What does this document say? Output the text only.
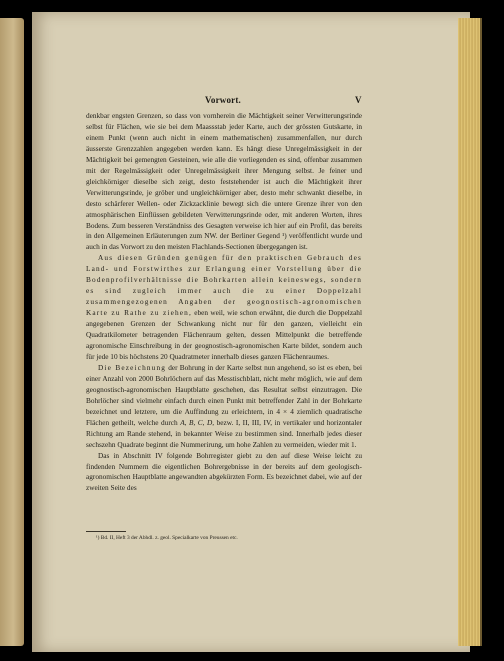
Vorwort.	V

denkbar engsten Grenzen, so dass von vornherein die Mächtigkeit seiner Verwitterungsrinde selbst für Flächen, wie sie bei dem Maassstab jeder Karte, auch der grössten Gutskarte, in einem Punkt (wenn auch nicht in einem mathematischen) zusammenfallen, nur durch äusserste Grenzzahlen angegeben werden kann. Es hängt diese Unregelmässigkeit in der Mächtigkeit bei gemengten Gesteinen, wie alle die vorliegenden es sind, offenbar zusammen mit der Regelmässigkeit oder Unregelmässigkeit ihrer Mengung selbst. Je feiner und gleichkörniger dieselbe sich zeigt, desto feststehender ist auch die Mächtigkeit ihrer Verwitterungsrinde, je gröber und ungleichkörniger aber, desto mehr schwankt dieselbe, in desto schärferer Wellen- oder Zickzacklinie bewegt sich die untere Grenze ihrer von den atmosphärischen Einflüssen gebildeten Verwitterungsrinde oder, mit anderen Worten, ihres Bodens. Zum besseren Verständniss des Gesagten verweise ich hier auf ein Profil, das bereits in den Allgemeinen Erläuterungen zum NW. der Berliner Gegend ¹) veröffentlicht wurde und auch in das Vorwort zu den meisten Flachlands-Sectionen übergegangen ist.

Aus diesen Gründen genügen für den praktischen Gebrauch des Land- und Forstwirthes zur Erlangung einer Vorstellung über die Bodenprofilverhältnisse die Bohrkarten allein keineswegs, sondern es sind zugleich immer auch die zu einer Doppelzahl zusammengezogenen Angaben der geognostisch-agronomischen Karte zu Rathe zu ziehen, eben weil, wie schon erwähnt, die durch die Doppelzahl angegebenen Grenzen der Schwankung nicht nur für den ganzen, vielleicht ein Quadratkilometer betragenden Flächenraum gelten, dessen Mittelpunkt die betreffende agronomische Einschreibung in der geognostisch-agronomischen Karte bildet, sondern auch für jede 10 bis höchstens 20 Quadratmeter innerhalb dieses ganzen Flächenraumes.

Die Bezeichnung der Bohrung in der Karte selbst nun angehend, so ist es eben, bei einer Anzahl von 2000 Bohrlöchern auf das Messtischblatt, nicht mehr möglich, wie auf dem geognostisch-agronomischen Hauptblatte geschehen, das Resultat selbst einzutragen. Die Bohrlöcher sind vielmehr einfach durch einen Punkt mit betreffender Zahl in der Bohrkarte bezeichnet und letztere, um die Auffindung zu erleichtern, in 4 × 4 ziemlich quadratische Flächen getheilt, welche durch A, B, C, D, bezw. I, II, III, IV, in vertikaler und horizontaler Richtung am Rande stehend, in bekannter Weise zu bestimmen sind. Innerhalb jedes dieser sechszehn Quadrate beginnt die Nummerirung, um hohe Zahlen zu vermeiden, wieder mit 1.

Das in Abschnitt IV folgende Bohrregister giebt zu den auf diese Weise leicht zu findenden Nummern die eigentlichen Bohrergebnisse in der bereits auf dem geologisch-agronomischen Hauptblatte angewandten abgekürzten Form. Es bezeichnet dabei, wie auf der zweiten Seite des

¹) Bd. II, Heft 3 der Abhdl. z. geol. Specialkarte von Preussen etc.
